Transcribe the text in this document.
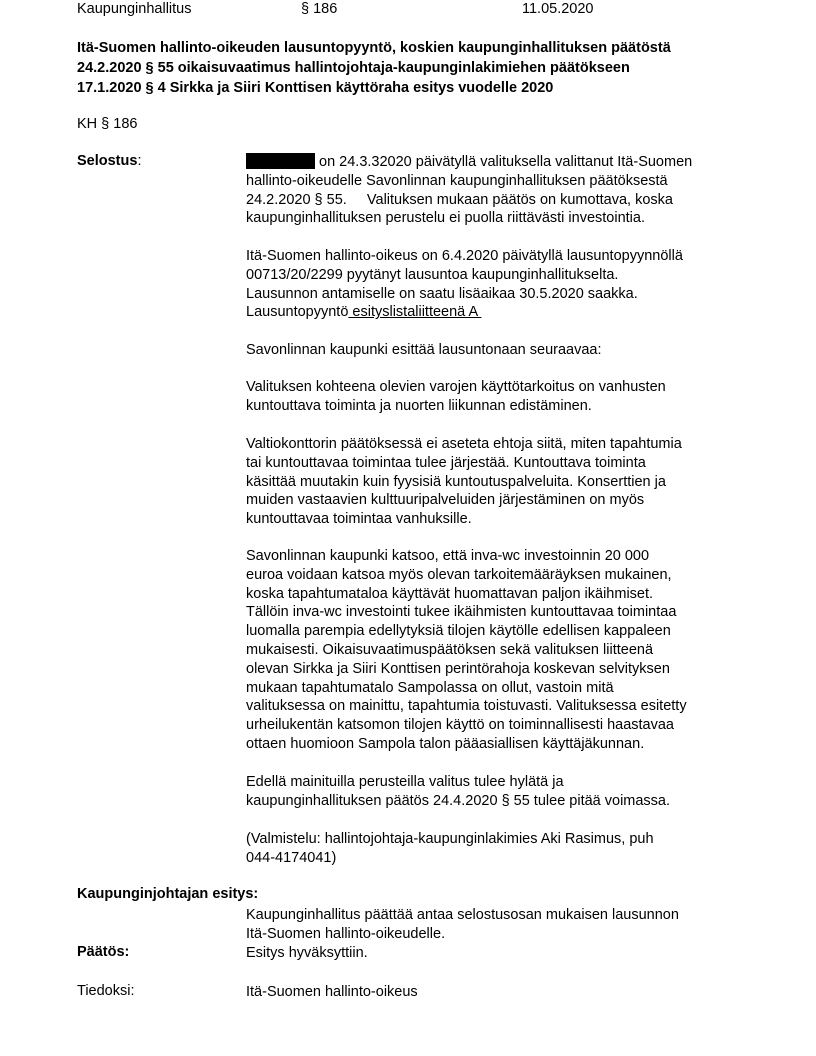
Kaupunginhallitus	§ 186	11.05.2020
Itä-Suomen hallinto-oikeuden lausuntopyyntö, koskien kaupunginhallituksen päätöstä
24.2.2020 § 55 oikaisuvaatimus hallintojohtaja-kaupunginlakimiehen päätökseen
17.1.2020 § 4 Sirkka ja Siiri Konttisen käyttöraha esitys vuodelle 2020
KH § 186
Selostus:	on 24.3.32020 päivätyllä valituksella valittanut Itä-Suomen
hallinto-oikeudelle Savonlinnan kaupunginhallituksen päätöksestä
24.2.2020 § 55.     Valituksen mukaan päätös on kumottava, koska
kaupunginhallituksen perustelu ei puolla riittävästi investointia.
Itä-Suomen hallinto-oikeus on 6.4.2020 päivätyllä lausuntopyynnöllä
00713/20/2299 pyytänyt lausuntoa kaupunginhallitukselta.
Lausunnon antamiselle on saatu lisäaikaa 30.5.2020 saakka.
Lausuntopyyntö esityslistaliitteenä A
Savonlinnan kaupunki esittää lausuntonaan seuraavaa:
Valituksen kohteena olevien varojen käyttötarkoitus on vanhusten
kuntouttava toiminta ja nuorten liikunnan edistäminen.
Valtiokonttorin päätöksessä ei aseteta ehtoja siitä, miten tapahtumia
tai kuntouttavaa toimintaa tulee järjestää. Kuntouttava toiminta
käsittää muutakin kuin fyysisiä kuntoutuspalveluita. Konserttien ja
muiden vastaavien kulttuuripalveluiden järjestäminen on myös
kuntouttavaa toimintaa vanhuksille.
Savonlinnan kaupunki katsoo, että inva-wc investoinnin 20 000
euroa voidaan katsoa myös olevan tarkoitemääräyksen mukainen,
koska tapahtumataloa käyttävät huomattavan paljon ikäihmiset.
Tällöin inva-wc investointi tukee ikäihmisten kuntouttavaa toimintaa
luomalla parempia edellytyksiä tilojen käytölle edellisen kappaleen
mukaisesti. Oikaisuvaatimuspäätöksen sekä valituksen liitteenä
olevan Sirkka ja Siiri Konttisen perintörahoja koskevan selvityksen
mukaan tapahtumatalo Sampolassa on ollut, vastoin mitä
valituksessa on mainittu, tapahtumia toistuvasti. Valituksessa esitetty
urheilukentän katsomon tilojen käyttö on toiminnallisesti haastavaa
ottaen huomioon Sampola talon pääasiallisen käyttäjäkunnan.
Edellä mainituilla perusteilla valitus tulee hylätä ja
kaupunginhallituksen päätös 24.4.2020 § 55 tulee pitää voimassa.
(Valmistelu: hallintojohtaja-kaupunginlakimies Aki Rasimus, puh
044-4174041)
Kaupunginjohtajan esitys:
Kaupunginhallitus päättää antaa selostusosan mukaisen lausunnon
Itä-Suomen hallinto-oikeudelle.
Päätös:	Esitys hyväksyttiin.
Tiedoksi:	Itä-Suomen hallinto-oikeus
